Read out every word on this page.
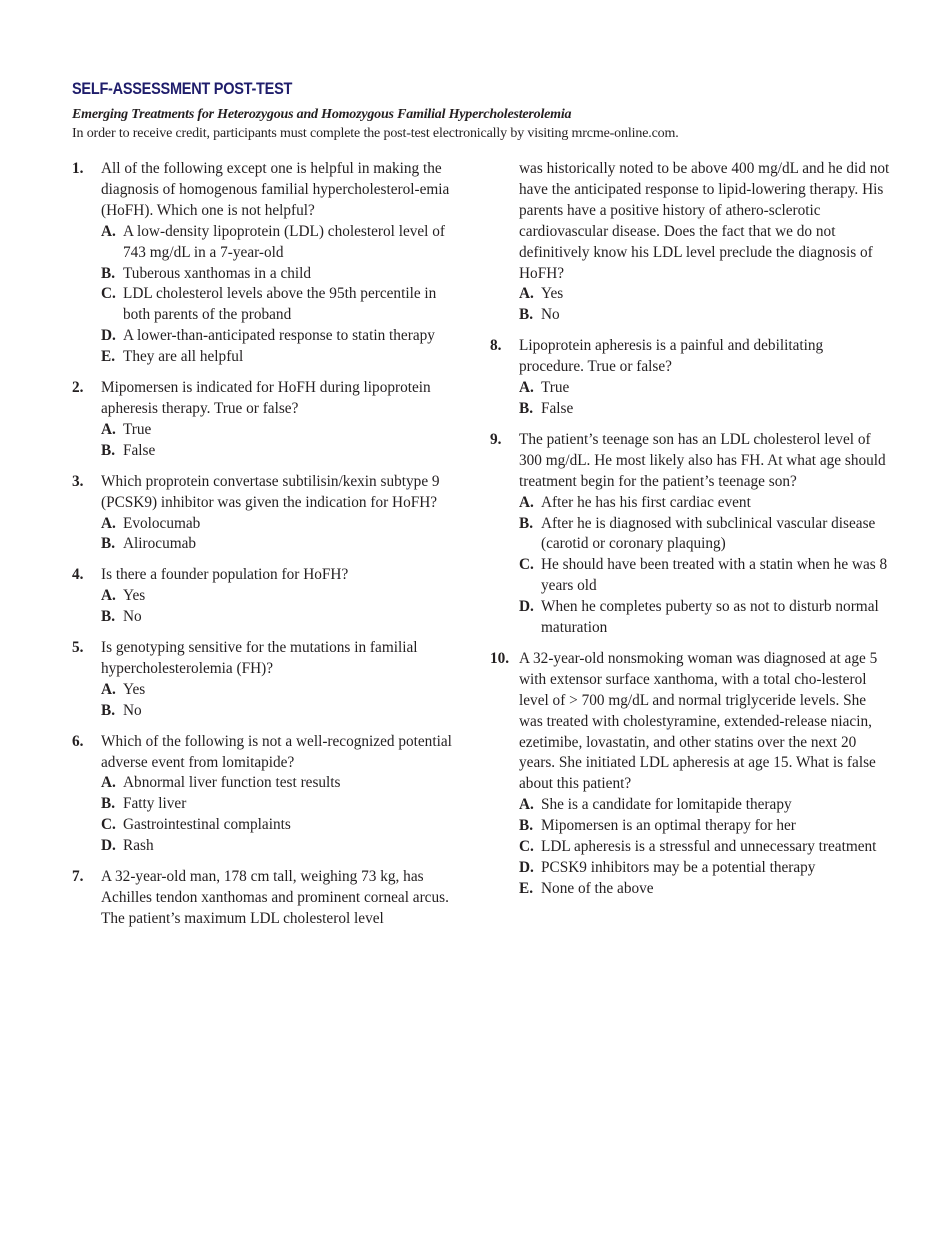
SELF-ASSESSMENT POST-TEST
Emerging Treatments for Heterozygous and Homozygous Familial Hypercholesterolemia
In order to receive credit, participants must complete the post-test electronically by visiting mrcme-online.com.
1. All of the following except one is helpful in making the diagnosis of homogenous familial hypercholesterol-emia (HoFH). Which one is not helpful?
A. A low-density lipoprotein (LDL) cholesterol level of 743 mg/dL in a 7-year-old
B. Tuberous xanthomas in a child
C. LDL cholesterol levels above the 95th percentile in both parents of the proband
D. A lower-than-anticipated response to statin therapy
E. They are all helpful
2. Mipomersen is indicated for HoFH during lipoprotein apheresis therapy. True or false?
A. True
B. False
3. Which proprotein convertase subtilisin/kexin subtype 9 (PCSK9) inhibitor was given the indication for HoFH?
A. Evolocumab
B. Alirocumab
4. Is there a founder population for HoFH?
A. Yes
B. No
5. Is genotyping sensitive for the mutations in familial hypercholesterolemia (FH)?
A. Yes
B. No
6. Which of the following is not a well-recognized potential adverse event from lomitapide?
A. Abnormal liver function test results
B. Fatty liver
C. Gastrointestinal complaints
D. Rash
7. A 32-year-old man, 178 cm tall, weighing 73 kg, has Achilles tendon xanthomas and prominent corneal arcus. The patient’s maximum LDL cholesterol level
was historically noted to be above 400 mg/dL and he did not have the anticipated response to lipid-lowering therapy. His parents have a positive history of athero-sclerotic cardiovascular disease. Does the fact that we do not definitively know his LDL level preclude the diagnosis of HoFH?
A. Yes
B. No
8. Lipoprotein apheresis is a painful and debilitating procedure. True or false?
A. True
B. False
9. The patient’s teenage son has an LDL cholesterol level of 300 mg/dL. He most likely also has FH. At what age should treatment begin for the patient’s teenage son?
A. After he has his first cardiac event
B. After he is diagnosed with subclinical vascular disease (carotid or coronary plaquing)
C. He should have been treated with a statin when he was 8 years old
D. When he completes puberty so as not to disturb normal maturation
10. A 32-year-old nonsmoking woman was diagnosed at age 5 with extensor surface xanthoma, with a total cho-lesterol level of > 700 mg/dL and normal triglyceride levels. She was treated with cholestyramine, extended-release niacin, ezetimibe, lovastatin, and other statins over the next 20 years. She initiated LDL apheresis at age 15. What is false about this patient?
A. She is a candidate for lomitapide therapy
B. Mipomersen is an optimal therapy for her
C. LDL apheresis is a stressful and unnecessary treatment
D. PCSK9 inhibitors may be a potential therapy
E. None of the above
